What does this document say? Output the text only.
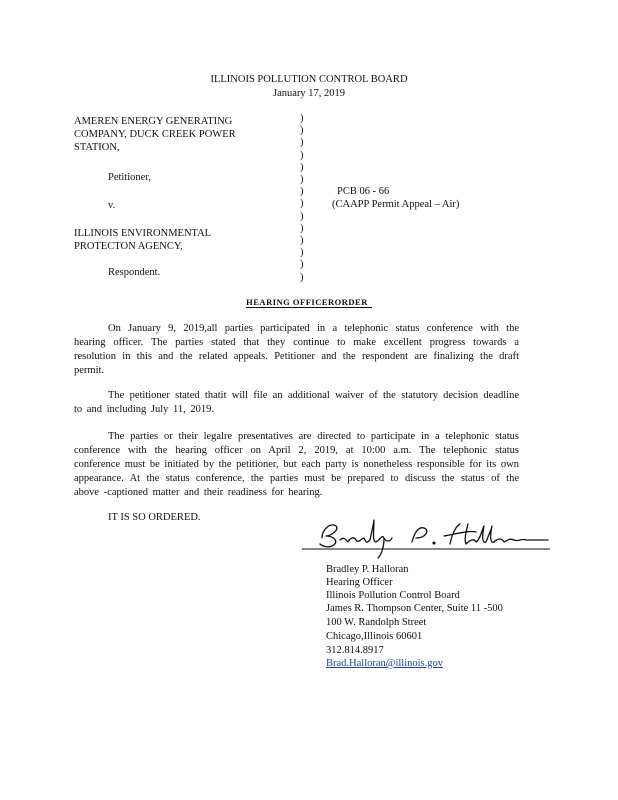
ILLINOIS POLLUTION CONTROL BOARD
January 17, 2019
AMEREN ENERGY GENERATING
COMPANY, DUCK CREEK POWER
STATION,
Petitioner,
v.
ILLINOIS ENVIRONMENTAL
PROTECTON AGENCY,
Respondent.
)
)
)
)
)
)
)
)
)
)
)
)
)
)
PCB 06 - 66
(CAAPP Permit Appeal – Air)
HEARING OFFICERORDER
On January 9, 2019,all parties participated in a telephonic status conference with the hearing officer. The parties stated that they continue to make excellent progress towards a resolution in this and the related appeals. Petitioner and the respondent are finalizing the draft permit.
The petitioner stated thatit will file an additional waiver of the statutory decision deadline to and including July 11, 2019.
The parties or their legalre presentatives are directed to participate in a telephonic status conference with the hearing officer on April 2, 2019, at 10:00 a.m. The telephonic status conference must be initiated by the petitioner, but each party is nonetheless responsible for its own appearance. At the status conference, the parties must be prepared to discuss the status of the above -captioned matter and their readiness for hearing.
IT IS SO ORDERED.
Bradley P. Halloran
Hearing Officer
Illinois Pollution Control Board
James R. Thompson Center, Suite 11 -500
100 W. Randolph Street
Chicago,Illinois 60601
312.814.8917
Brad.Halloran@illinois.gov
